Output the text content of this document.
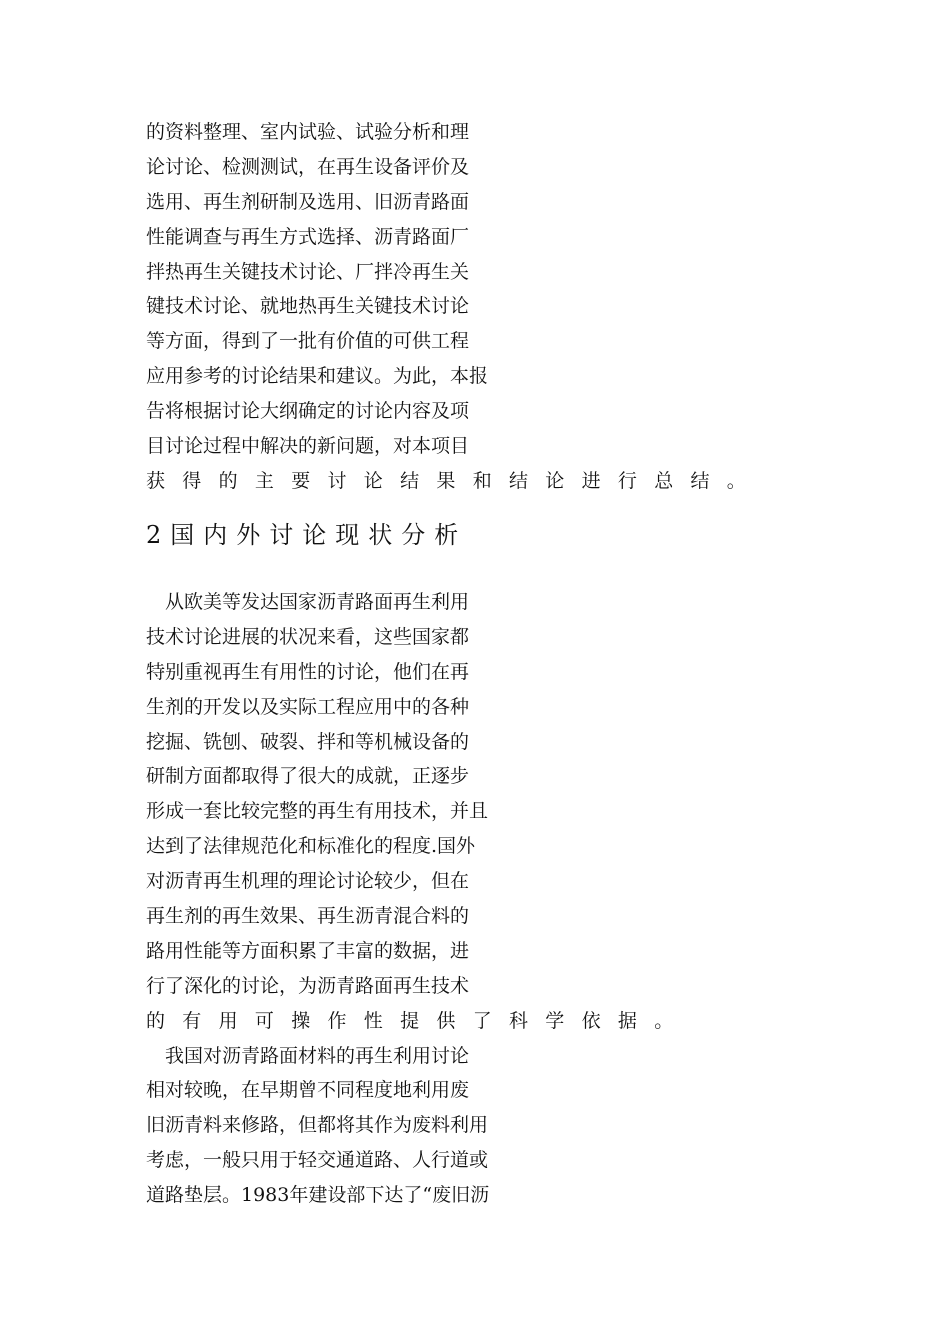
的资料整理、室内试验、试验分析和理
论讨论、检测测试，在再生设备评价及
选用、再生剂研制及选用、旧沥青路面
性能调查与再生方式选择、沥青路面厂
拌热再生关键技术讨论、厂拌冷再生关
键技术讨论、就地热再生关键技术讨论
等方面，得到了一批有价值的可供工程
应用参考的讨论结果和建议。为此，本报
告将根据讨论大纲确定的讨论内容及项
目讨论过程中解决的新问题，对本项目
获得的主要讨论结果和结论进行总结。
2国内外讨论现状分析
　从欧美等发达国家沥青路面再生利用
技术讨论进展的状况来看，这些国家都
特别重视再生有用性的讨论，他们在再
生剂的开发以及实际工程应用中的各种
挖掘、铣刨、破裂、拌和等机械设备的
研制方面都取得了很大的成就，正逐步
形成一套比较完整的再生有用技术，并且
达到了法律规范化和标准化的程度.国外
对沥青再生机理的理论讨论较少，但在
再生剂的再生效果、再生沥青混合料的
路用性能等方面积累了丰富的数据，进
行了深化的讨论，为沥青路面再生技术
的有用可操作性提供了科学依据。
　我国对沥青路面材料的再生利用讨论
相对较晚，在早期曾不同程度地利用废
旧沥青料来修路，但都将其作为废料利用
考虑，一般只用于轻交通道路、人行道或
道路垫层。1983年建设部下达了“废旧沥
